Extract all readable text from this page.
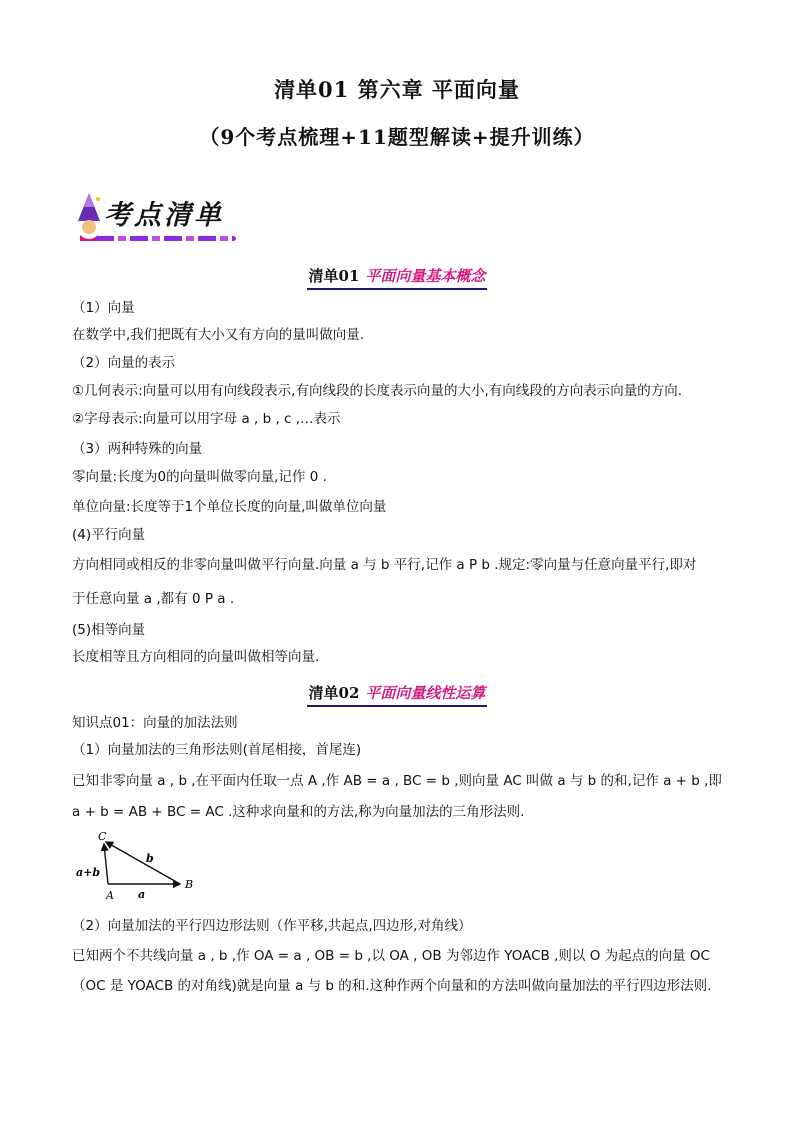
清单01 第六章 平面向量
（9个考点梳理+11题型解读+提升训练）
考点清单
清单01 平面向量基本概念
（1）向量
在数学中,我们把既有大小又有方向的量叫做向量.
（2）向量的表示
①几何表示:向量可以用有向线段表示,有向线段的长度表示向量的大小,有向线段的方向表示向量的方向.
②字母表示:向量可以用字母 a , b , c ,…表示
（3）两种特殊的向量
零向量:长度为0的向量叫做零向量,记作 0 .
单位向量:长度等于1个单位长度的向量,叫做单位向量
(4)平行向量
方向相同或相反的非零向量叫做平行向量.向量 a 与 b 平行,记作 a P b .规定:零向量与任意向量平行,即对
于任意向量 a ,都有 0 P a .
(5)相等向量
长度相等且方向相同的向量叫做相等向量.
清单02 平面向量线性运算
知识点01：向量的加法法则
（1）向量加法的三角形法则(首尾相接，首尾连)
已知非零向量 a , b ,在平面内任取一点 A ,作 AB = a , BC = b ,则向量 AC 叫做 a 与 b 的和,记作 a + b ,即
a + b = AB + BC = AC .这种求向量和的方法,称为向量加法的三角形法则.
C
A
B
a
b
a+b
（2）向量加法的平行四边形法则（作平移,共起点,四边形,对角线）
已知两个不共线向量 a , b ,作 OA = a , OB = b ,以 OA , OB 为邻边作 YOACB ,则以 O 为起点的向量 OC
（OC 是 YOACB 的对角线)就是向量 a 与 b 的和.这种作两个向量和的方法叫做向量加法的平行四边形法则.
